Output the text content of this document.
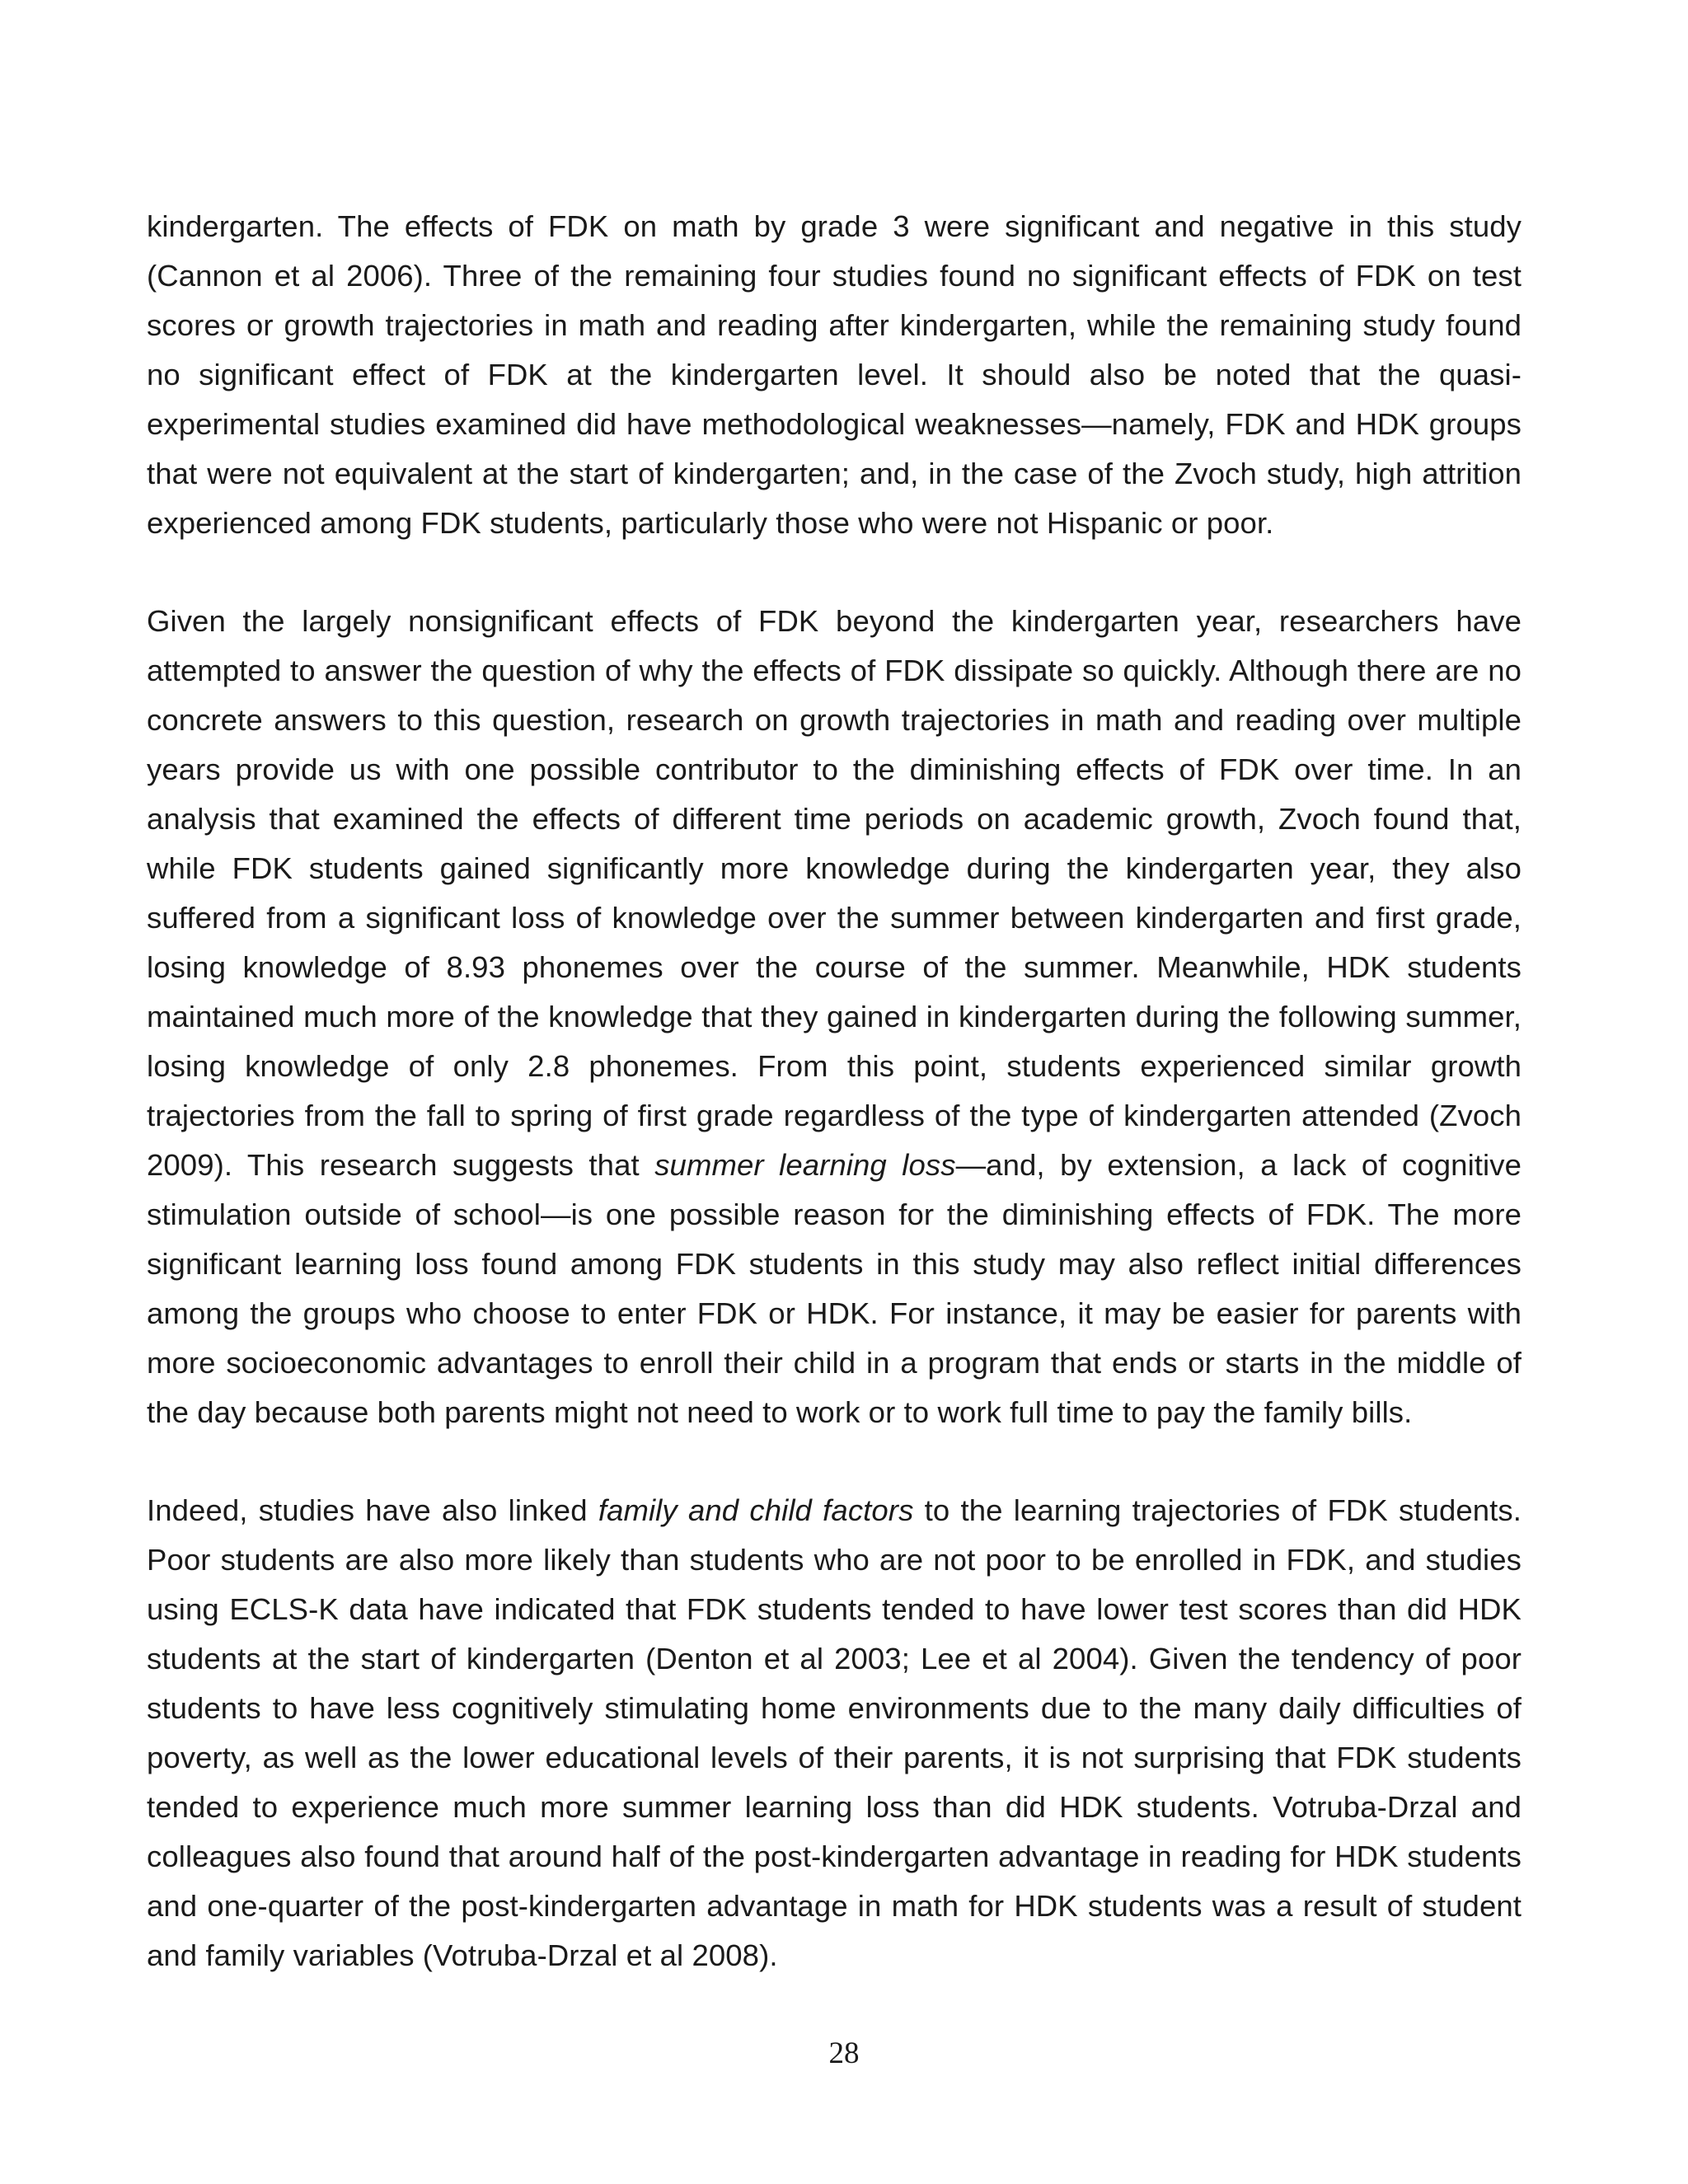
kindergarten. The effects of FDK on math by grade 3 were significant and negative in this study (Cannon et al 2006). Three of the remaining four studies found no significant effects of FDK on test scores or growth trajectories in math and reading after kindergarten, while the remaining study found no significant effect of FDK at the kindergarten level. It should also be noted that the quasi-experimental studies examined did have methodological weaknesses—namely, FDK and HDK groups that were not equivalent at the start of kindergarten; and, in the case of the Zvoch study, high attrition experienced among FDK students, particularly those who were not Hispanic or poor.

Given the largely nonsignificant effects of FDK beyond the kindergarten year, researchers have attempted to answer the question of why the effects of FDK dissipate so quickly. Although there are no concrete answers to this question, research on growth trajectories in math and reading over multiple years provide us with one possible contributor to the diminishing effects of FDK over time. In an analysis that examined the effects of different time periods on academic growth, Zvoch found that, while FDK students gained significantly more knowledge during the kindergarten year, they also suffered from a significant loss of knowledge over the summer between kindergarten and first grade, losing knowledge of 8.93 phonemes over the course of the summer. Meanwhile, HDK students maintained much more of the knowledge that they gained in kindergarten during the following summer, losing knowledge of only 2.8 phonemes. From this point, students experienced similar growth trajectories from the fall to spring of first grade regardless of the type of kindergarten attended (Zvoch 2009). This research suggests that summer learning loss—and, by extension, a lack of cognitive stimulation outside of school—is one possible reason for the diminishing effects of FDK. The more significant learning loss found among FDK students in this study may also reflect initial differences among the groups who choose to enter FDK or HDK. For instance, it may be easier for parents with more socioeconomic advantages to enroll their child in a program that ends or starts in the middle of the day because both parents might not need to work or to work full time to pay the family bills.

Indeed, studies have also linked family and child factors to the learning trajectories of FDK students. Poor students are also more likely than students who are not poor to be enrolled in FDK, and studies using ECLS-K data have indicated that FDK students tended to have lower test scores than did HDK students at the start of kindergarten (Denton et al 2003; Lee et al 2004). Given the tendency of poor students to have less cognitively stimulating home environments due to the many daily difficulties of poverty, as well as the lower educational levels of their parents, it is not surprising that FDK students tended to experience much more summer learning loss than did HDK students. Votruba-Drzal and colleagues also found that around half of the post-kindergarten advantage in reading for HDK students and one-quarter of the post-kindergarten advantage in math for HDK students was a result of student and family variables (Votruba-Drzal et al 2008).

28
